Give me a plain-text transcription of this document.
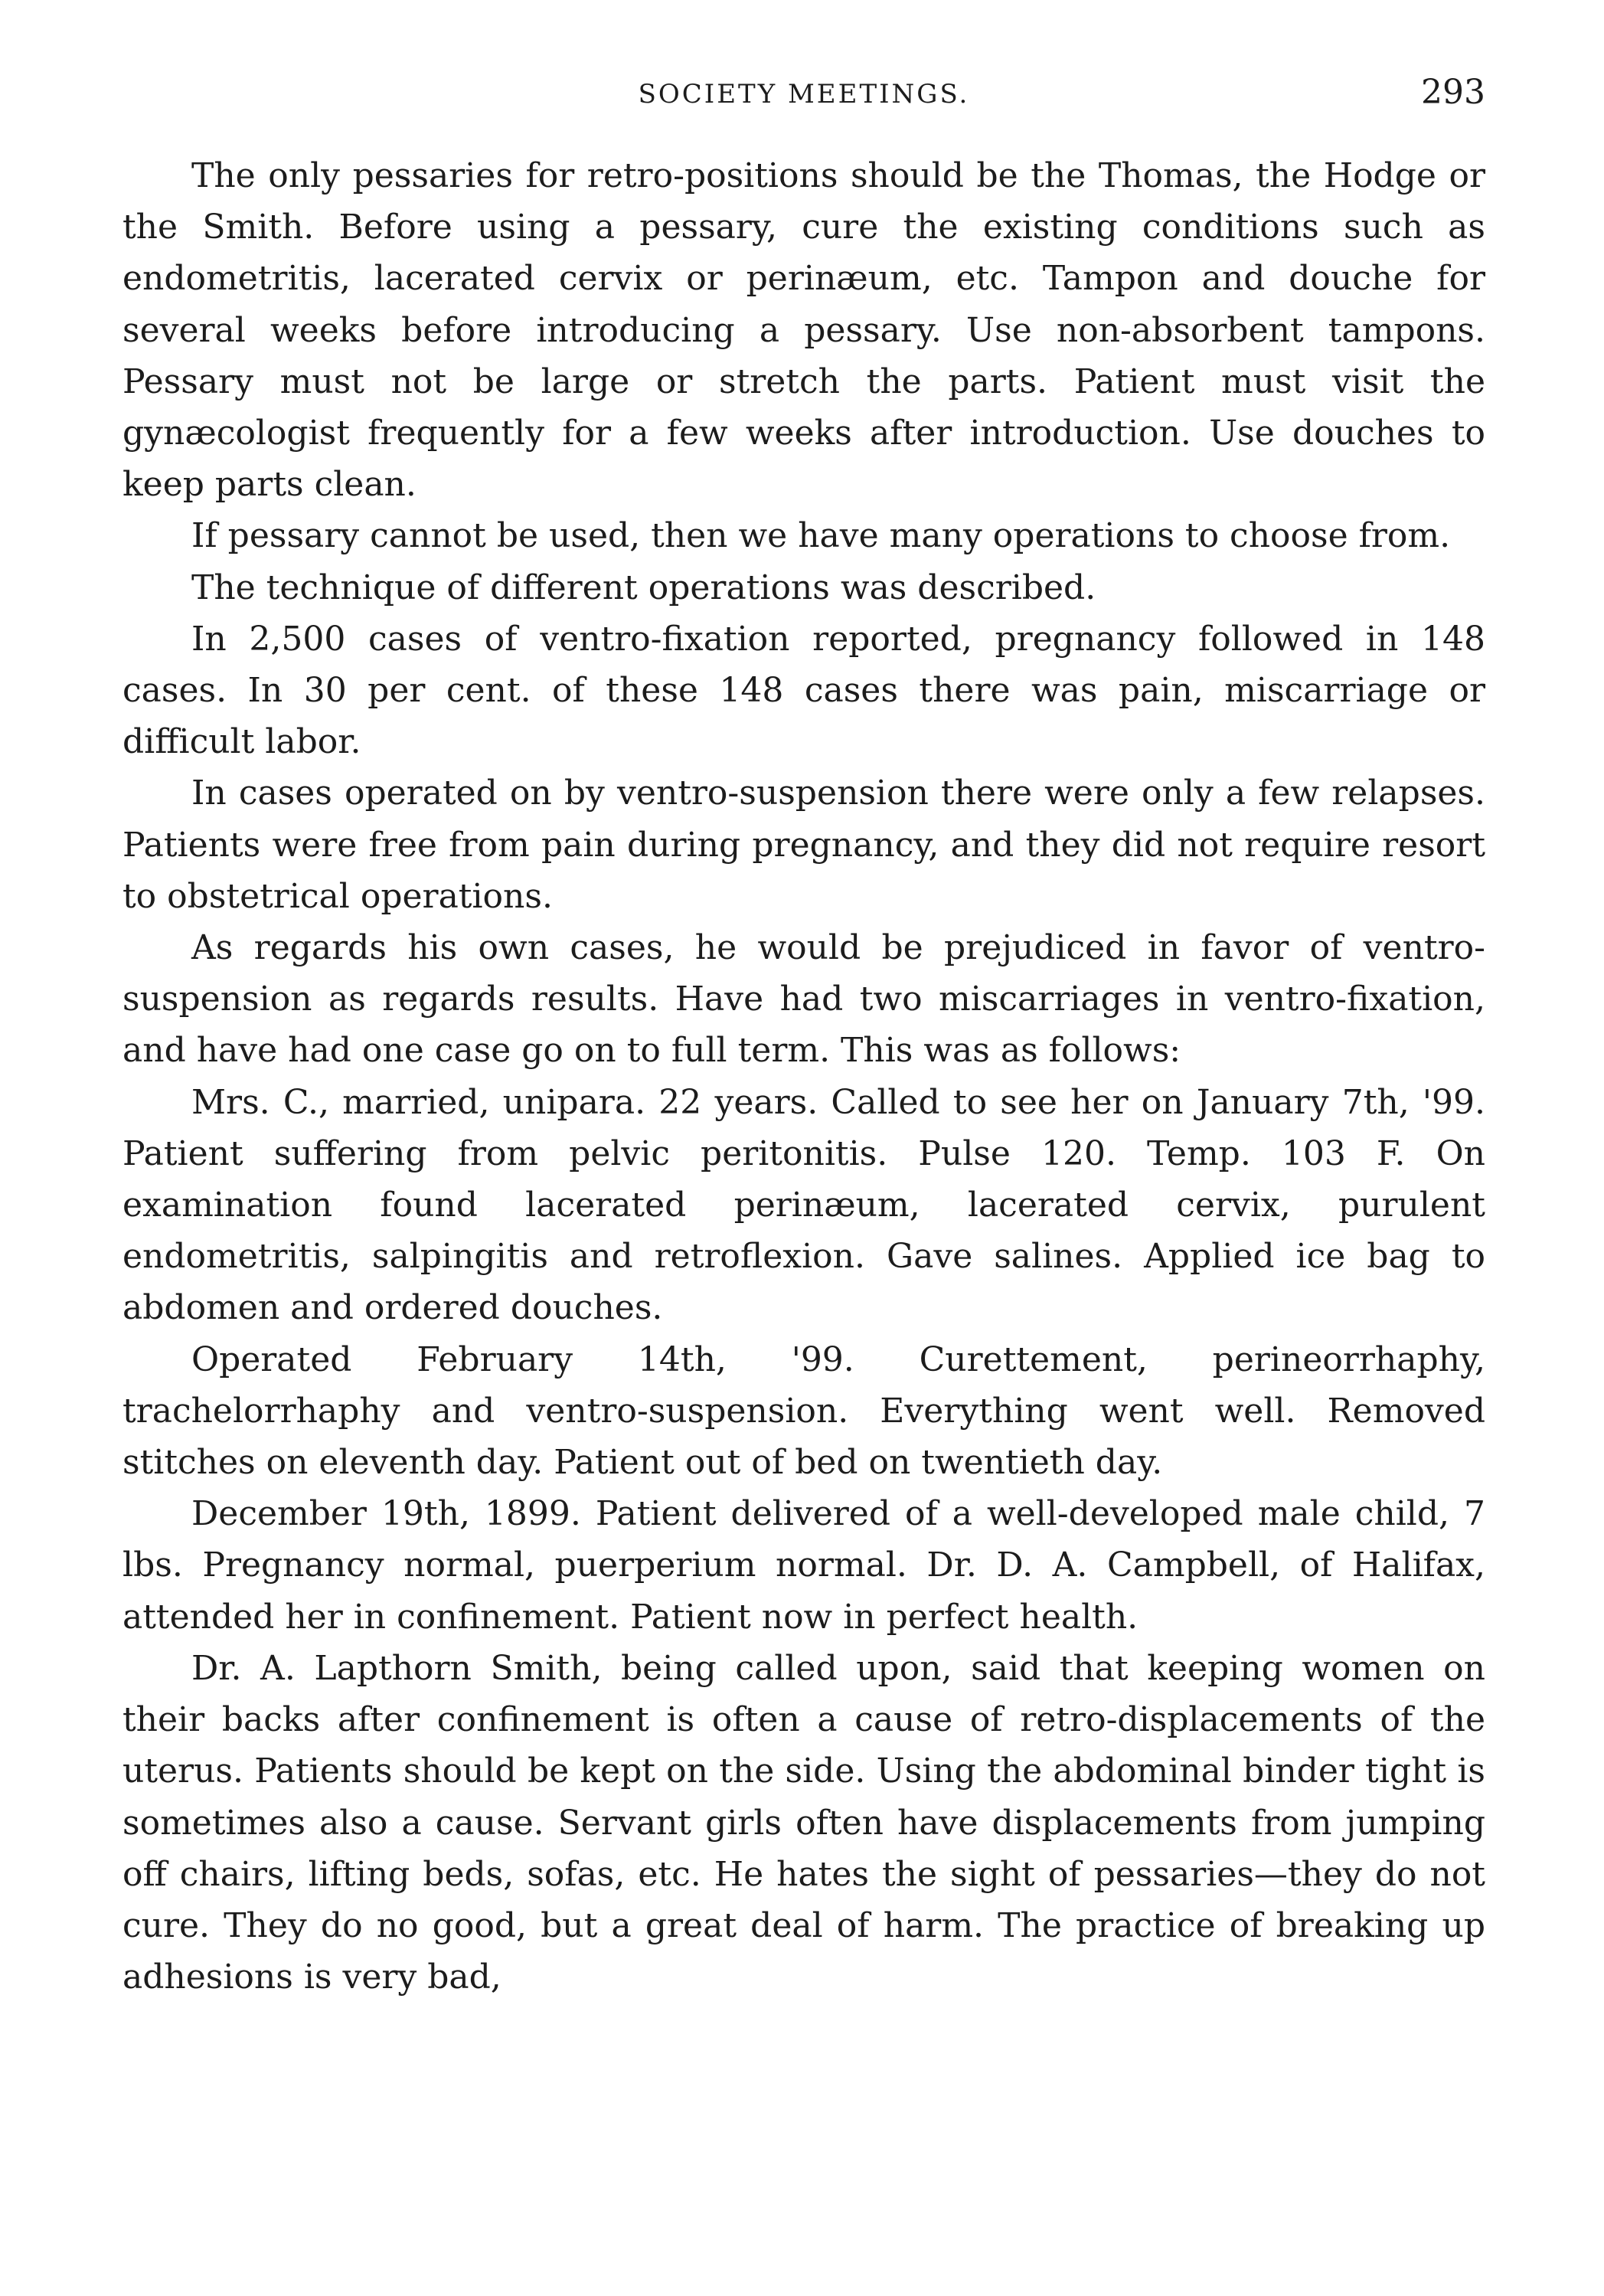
SOCIETY MEETINGS.	293

The only pessaries for retro-positions should be the Thomas, the Hodge or the Smith. Before using a pessary, cure the existing conditions such as endometritis, lacerated cervix or perinæum, etc. Tampon and douche for several weeks before introducing a pessary. Use non-absorbent tampons. Pessary must not be large or stretch the parts. Patient must visit the gynæcologist frequently for a few weeks after introduction. Use douches to keep parts clean.

If pessary cannot be used, then we have many operations to choose from.

The technique of different operations was described.

In 2,500 cases of ventro-fixation reported, pregnancy followed in 148 cases. In 30 per cent. of these 148 cases there was pain, miscarriage or difficult labor.

In cases operated on by ventro-suspension there were only a few relapses. Patients were free from pain during pregnancy, and they did not require resort to obstetrical operations.

As regards his own cases, he would be prejudiced in favor of ventro-suspension as regards results. Have had two miscarriages in ventro-fixation, and have had one case go on to full term. This was as follows:

Mrs. C., married, unipara. 22 years. Called to see her on January 7th, '99. Patient suffering from pelvic peritonitis. Pulse 120. Temp. 103 F. On examination found lacerated perinæum, lacerated cervix, purulent endometritis, salpingitis and retroflexion. Gave salines. Applied ice bag to abdomen and ordered douches.

Operated February 14th, '99. Curettement, perineorrhaphy, trachelorrhaphy and ventro-suspension. Everything went well. Removed stitches on eleventh day. Patient out of bed on twentieth day.

December 19th, 1899. Patient delivered of a well-developed male child, 7 lbs. Pregnancy normal, puerperium normal. Dr. D. A. Campbell, of Halifax, attended her in confinement. Patient now in perfect health.

Dr. A. Lapthorn Smith, being called upon, said that keeping women on their backs after confinement is often a cause of retro-displacements of the uterus. Patients should be kept on the side. Using the abdominal binder tight is sometimes also a cause. Servant girls often have displacements from jumping off chairs, lifting beds, sofas, etc. He hates the sight of pessaries—they do not cure. They do no good, but a great deal of harm. The practice of breaking up adhesions is very bad,
